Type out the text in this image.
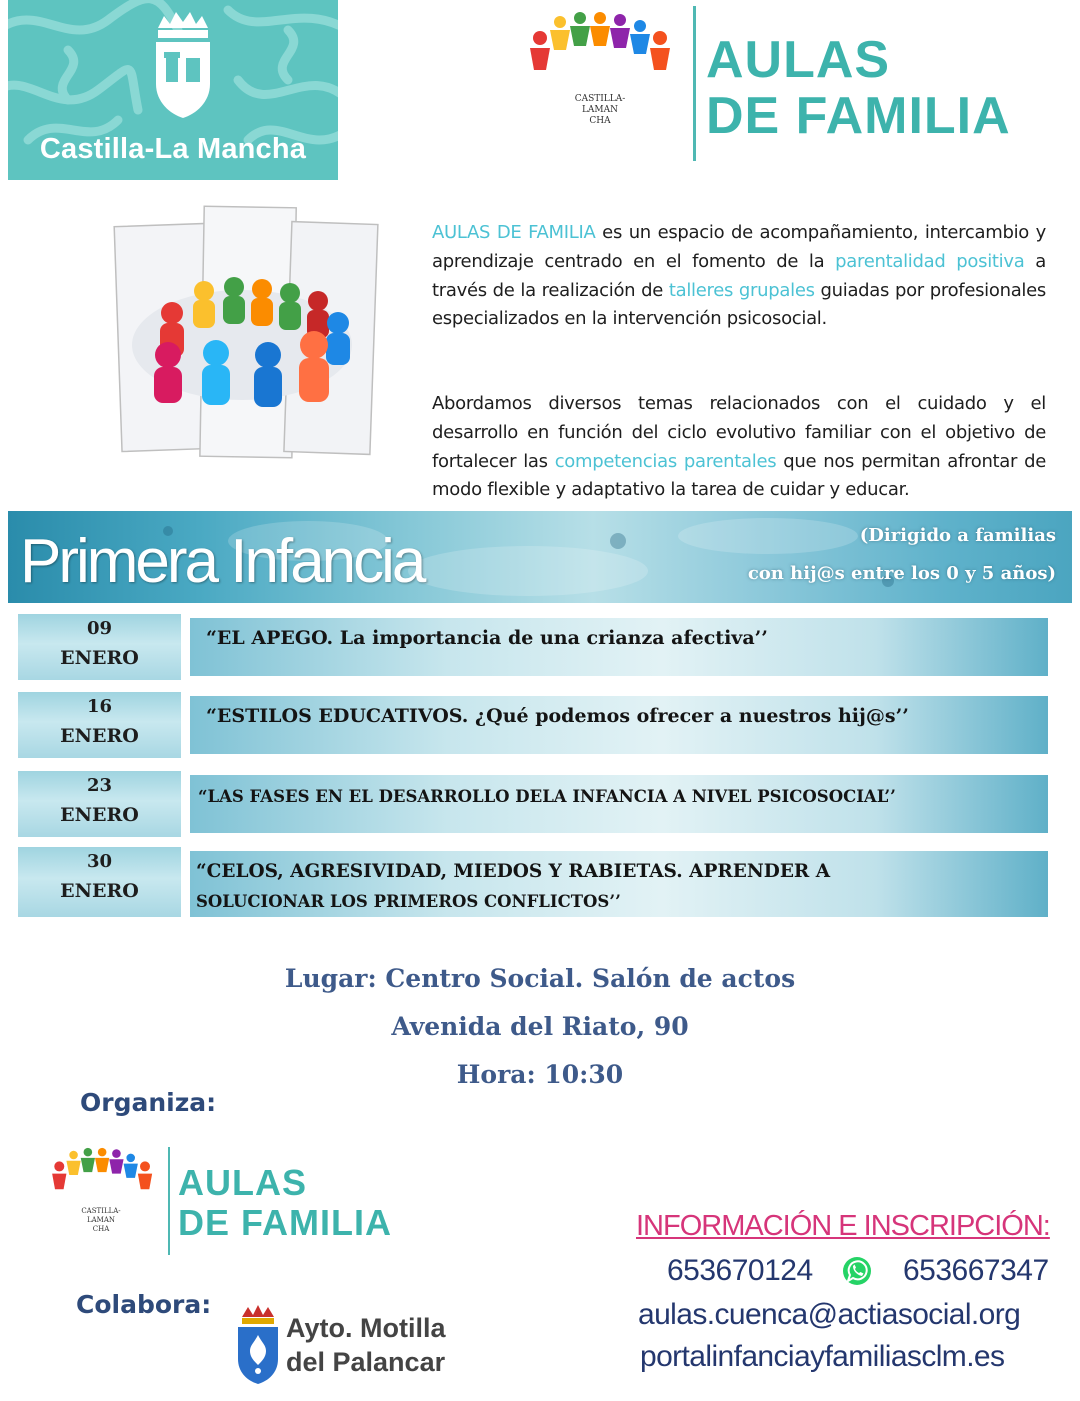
Castilla-La Mancha
CASTILLA-
LAMAN
CHA
AULAS
DE FAMILIA

AULAS DE FAMILIA es un espacio de acompañamiento, intercambio y aprendizaje centrado en el fomento de la parentalidad positiva a través de la realización de talleres grupales guiadas por profesionales especializados en la intervención psicosocial.

Abordamos diversos temas relacionados con el cuidado y el desarrollo en función del ciclo evolutivo familiar con el objetivo de fortalecer las competencias parentales que nos permitan afrontar de modo flexible y adaptativo la tarea de cuidar y educar.

Primera Infancia	(Dirigido a familias
con hij@s entre los 0 y 5 años)
09
ENERO
“EL APEGO. La importancia de una crianza afectiva’’
16
ENERO
“ESTILOS EDUCATIVOS. ¿Qué podemos ofrecer a nuestros hij@s’’
23
ENERO
“LAS FASES EN EL DESARROLLO DELA INFANCIA A NIVEL PSICOSOCIAL’’
30
ENERO
“CELOS, AGRESIVIDAD, MIEDOS Y RABIETAS. APRENDER A
SOLUCIONAR LOS PRIMEROS CONFLICTOS’’
Lugar: Centro Social. Salón de actos
Avenida del Riato, 90
Hora: 10:30
Organiza:
CASTILLA-
LAMAN
CHA
AULAS
DE FAMILIA
Colabora:
Ayto. Motilla
del Palancar
INFORMACIÓN E INSCRIPCIÓN:
653670124	653667347
aulas.cuenca@actiasocial.org
portalinfanciayfamiliasclm.es
